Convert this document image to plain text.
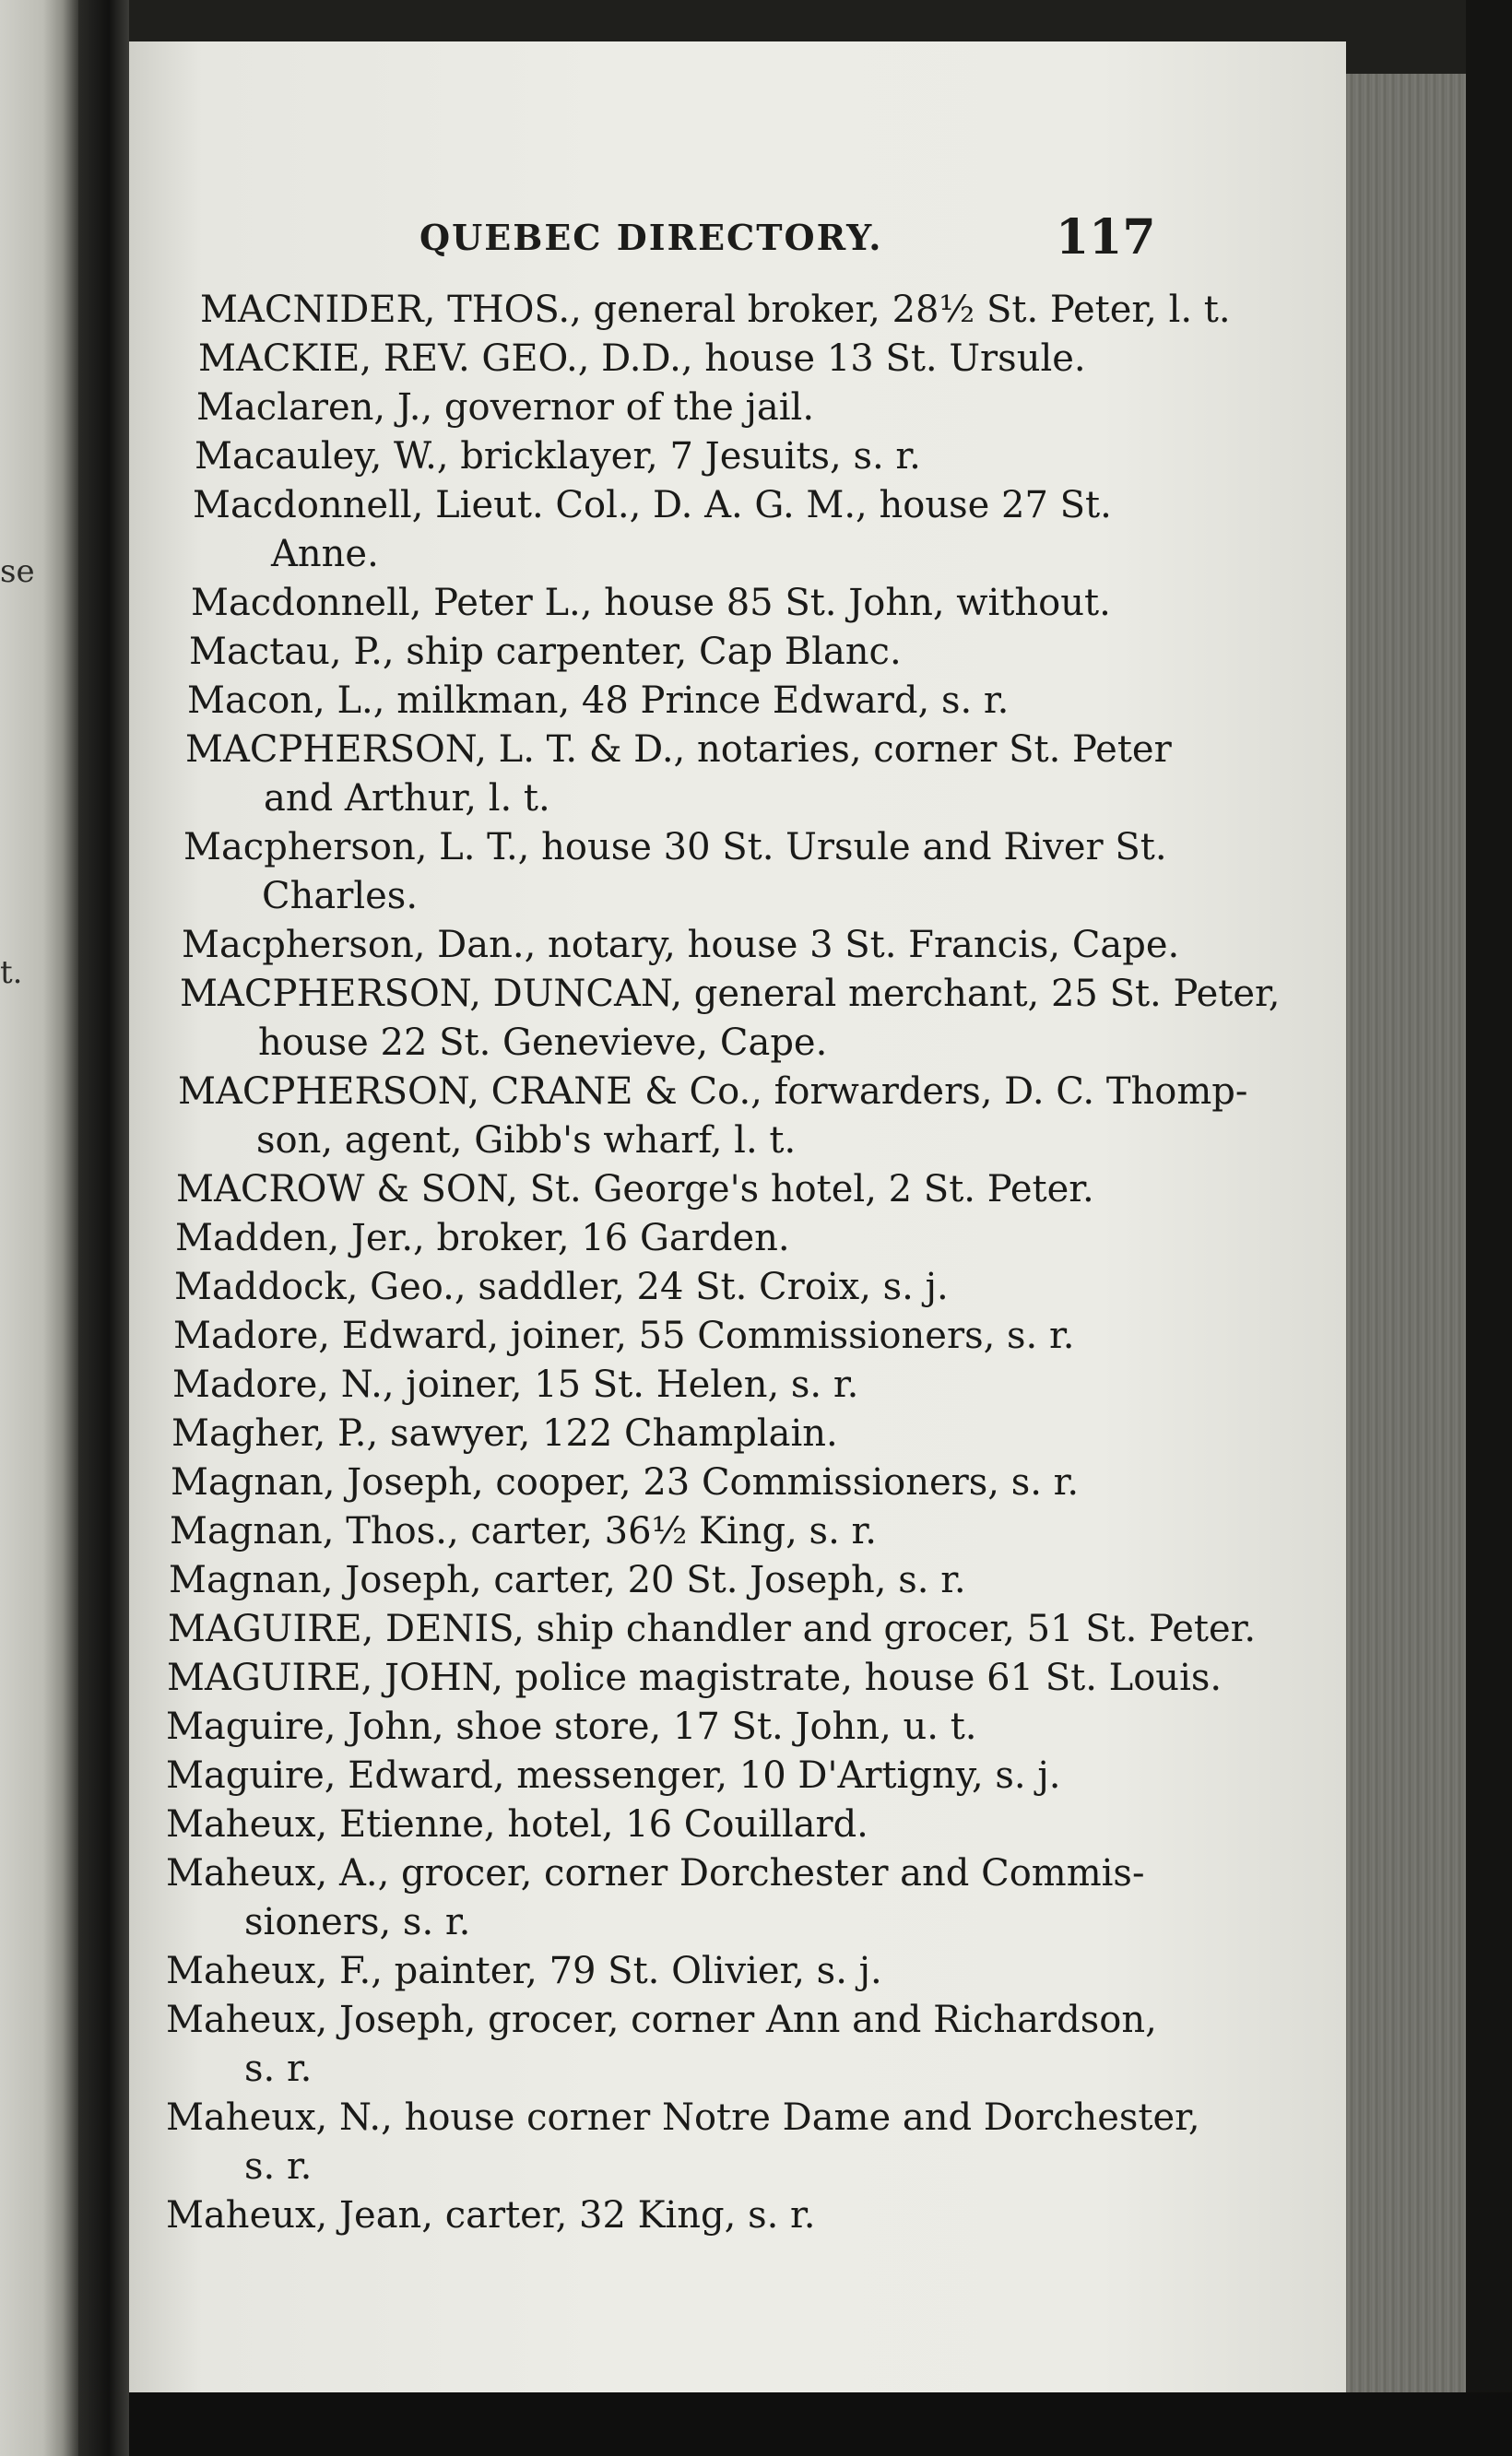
se
t.
QUEBEC DIRECTORY.	117
MACNIDER, THOS., general broker, 28½ St. Peter, l. t.
MACKIE, REV. GEO., D.D., house 13 St. Ursule.
Maclaren, J., governor of the jail.
Macauley, W., bricklayer, 7 Jesuits, s. r.
Macdonnell, Lieut. Col., D. A. G. M., house 27 St.
Anne.
Macdonnell, Peter L., house 85 St. John, without.
Mactau, P., ship carpenter, Cap Blanc.
Macon, L., milkman, 48 Prince Edward, s. r.
MACPHERSON, L. T. & D., notaries, corner St. Peter
and Arthur, l. t.
Macpherson, L. T., house 30 St. Ursule and River St.
Charles.
Macpherson, Dan., notary, house 3 St. Francis, Cape.
MACPHERSON, DUNCAN, general merchant, 25 St. Peter,
house 22 St. Genevieve, Cape.
MACPHERSON, CRANE & Co., forwarders, D. C. Thomp-
son, agent, Gibb's wharf, l. t.
MACROW & SON, St. George's hotel, 2 St. Peter.
Madden, Jer., broker, 16 Garden.
Maddock, Geo., saddler, 24 St. Croix, s. j.
Madore, Edward, joiner, 55 Commissioners, s. r.
Madore, N., joiner, 15 St. Helen, s. r.
Magher, P., sawyer, 122 Champlain.
Magnan, Joseph, cooper, 23 Commissioners, s. r.
Magnan, Thos., carter, 36½ King, s. r.
Magnan, Joseph, carter, 20 St. Joseph, s. r.
MAGUIRE, DENIS, ship chandler and grocer, 51 St. Peter.
MAGUIRE, JOHN, police magistrate, house 61 St. Louis.
Maguire, John, shoe store, 17 St. John, u. t.
Maguire, Edward, messenger, 10 D'Artigny, s. j.
Maheux, Etienne, hotel, 16 Couillard.
Maheux, A., grocer, corner Dorchester and Commis-
sioners, s. r.
Maheux, F., painter, 79 St. Olivier, s. j.
Maheux, Joseph, grocer, corner Ann and Richardson,
s. r.
Maheux, N., house corner Notre Dame and Dorchester,
s. r.
Maheux, Jean, carter, 32 King, s. r.
